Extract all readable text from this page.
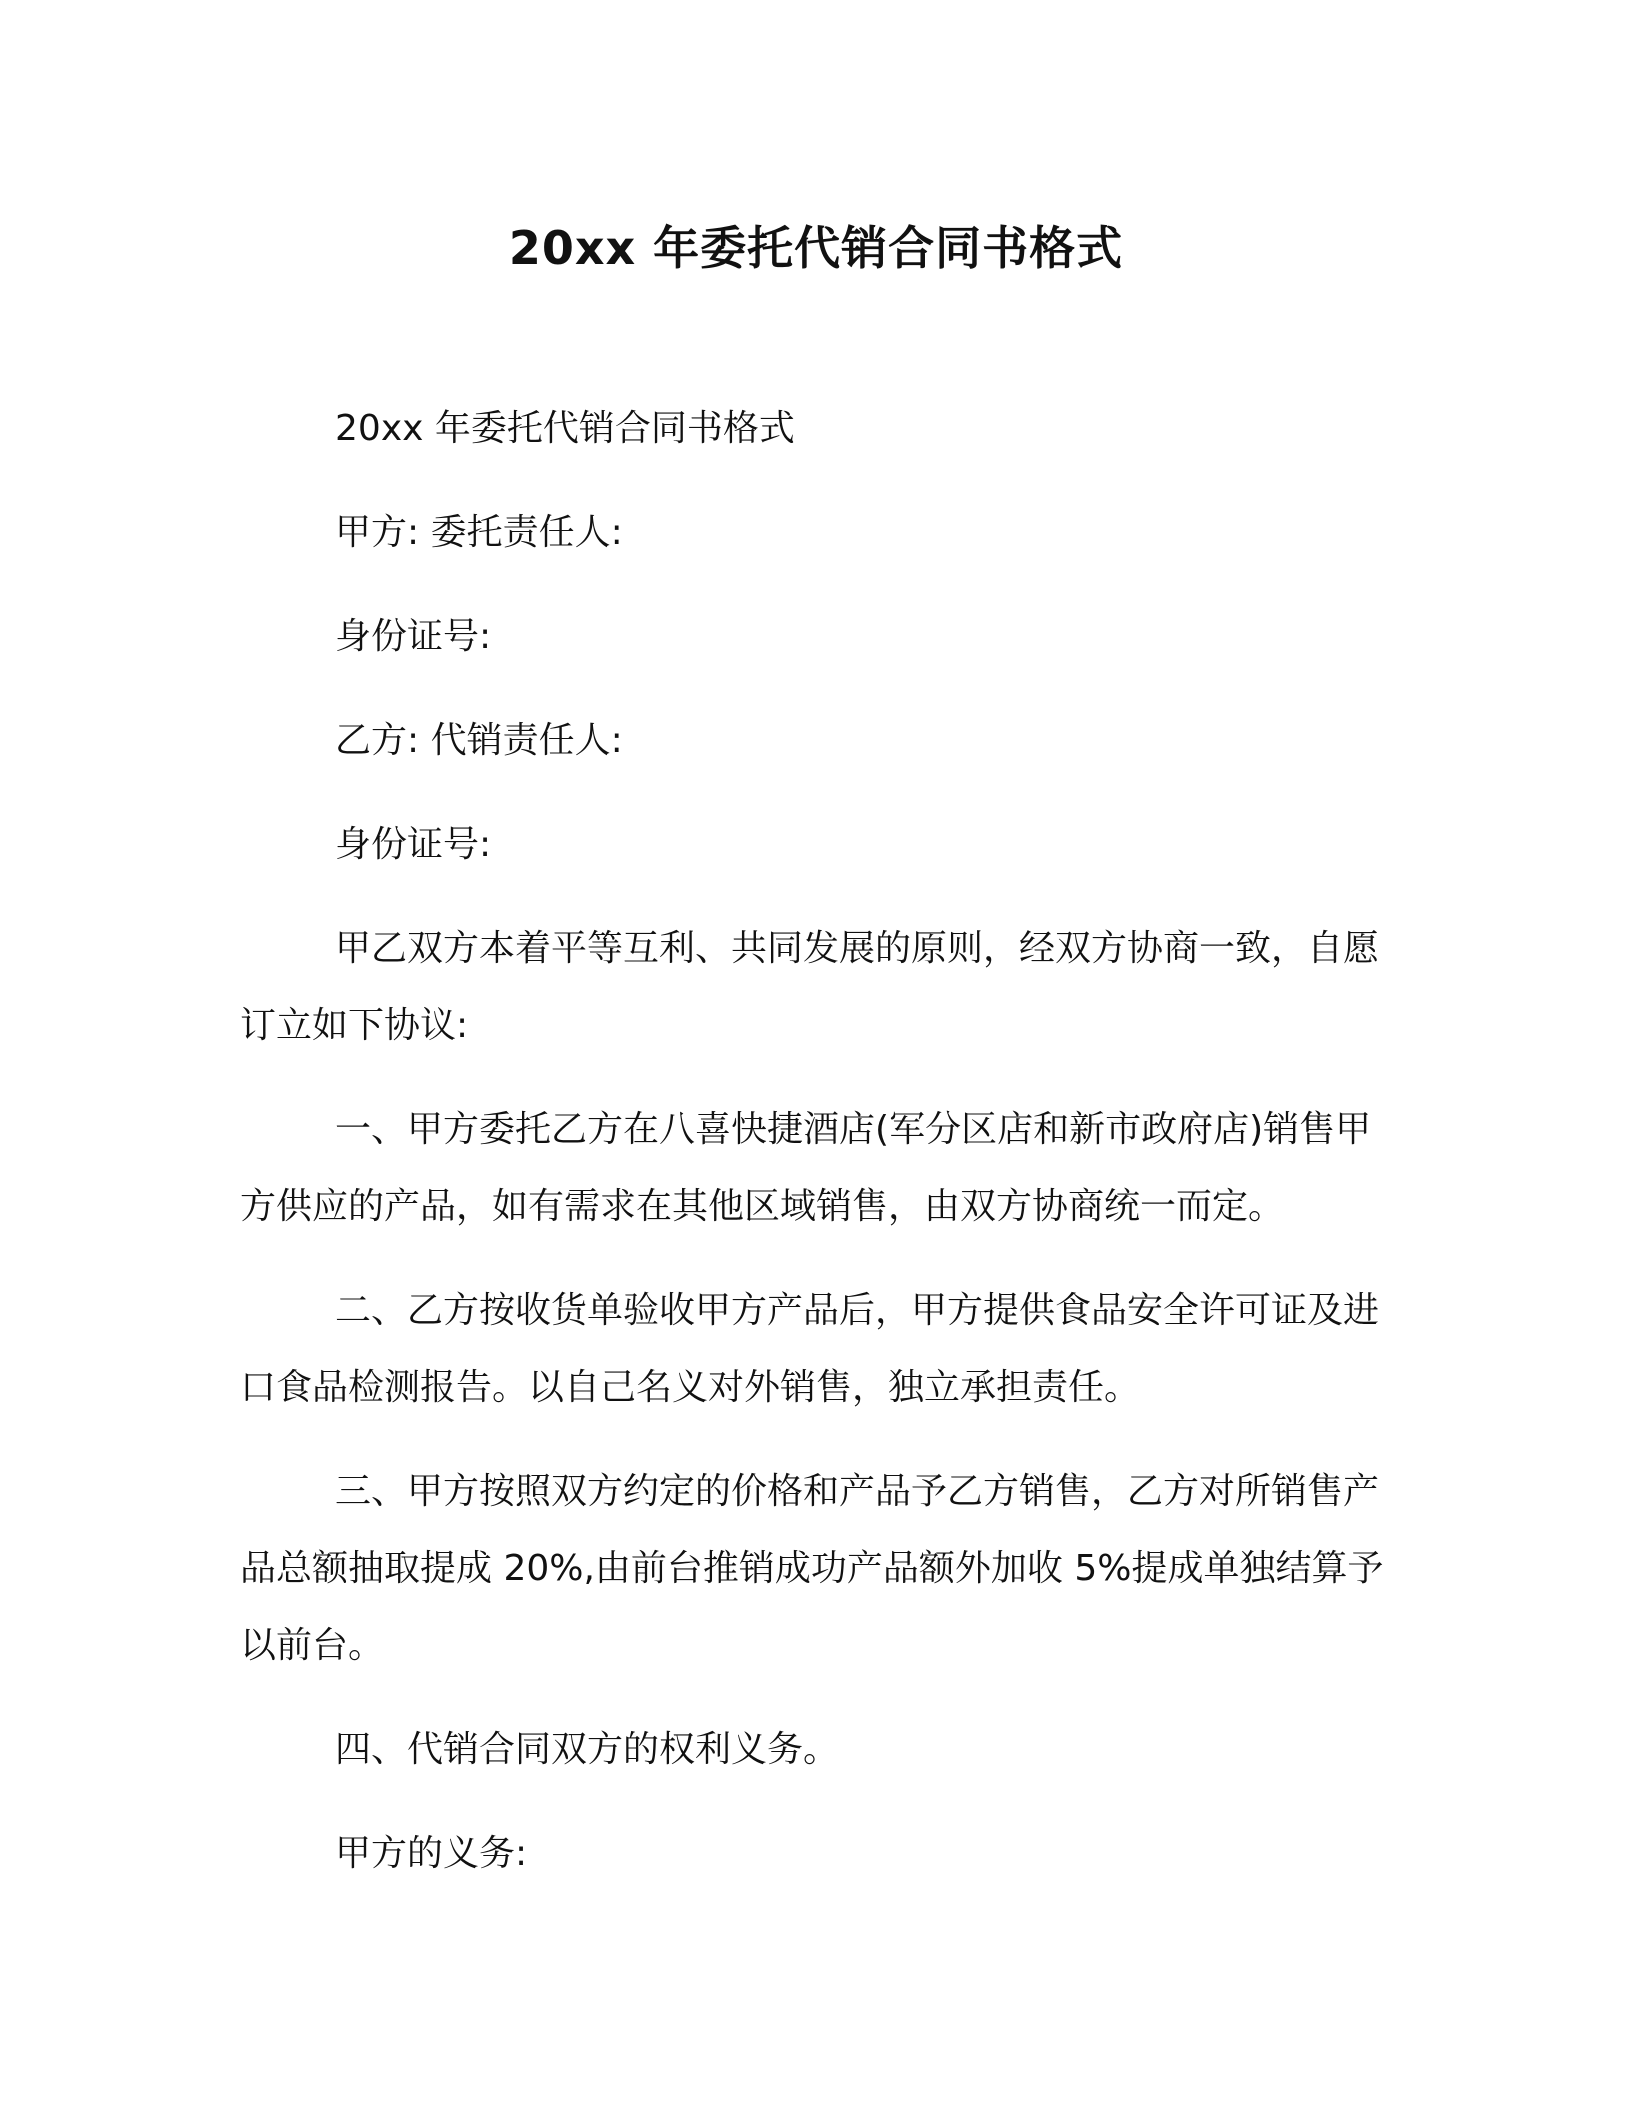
20xx 年委托代销合同书格式

20xx 年委托代销合同书格式

甲方: 委托责任人:

身份证号:

乙方: 代销责任人:

身份证号:

甲乙双方本着平等互利、共同发展的原则，经双方协商一致，自愿订立如下协议:

一、甲方委托乙方在八喜快捷酒店(军分区店和新市政府店)销售甲方供应的产品，如有需求在其他区域销售，由双方协商统一而定。

二、乙方按收货单验收甲方产品后，甲方提供食品安全许可证及进口食品检测报告。以自己名义对外销售，独立承担责任。

三、甲方按照双方约定的价格和产品予乙方销售，乙方对所销售产品总额抽取提成 20%,由前台推销成功产品额外加收 5%提成单独结算予以前台。

四、代销合同双方的权利义务。

甲方的义务:
